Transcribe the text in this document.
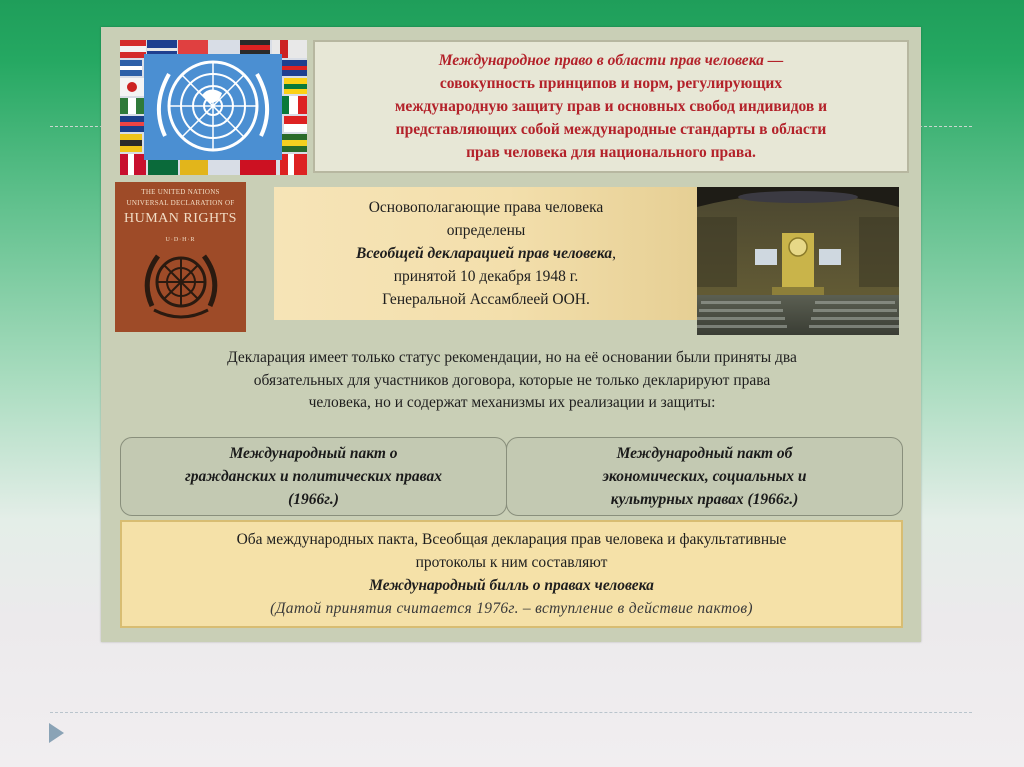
Международное право в области прав человека —
совокупность принципов и норм, регулирующих
международную защиту прав и основных свобод индивидов и
представляющих собой международные стандарты в области
прав человека для национального права.
THE UNITED NATIONS
UNIVERSAL DECLARATION OF
HUMAN RIGHTS
U·D·H·R
Основополагающие права человека
определены
Всеобщей декларацией прав человека,
принятой 10 декабря 1948 г.
Генеральной Ассамблеей ООН.
Декларация имеет только статус рекомендации, но на её основании были приняты два
обязательных для участников договора, которые не только декларируют права
человека, но и содержат механизмы их реализации и защиты:
Международный пакт о
гражданских и политических правах
(1966г.)
Международный пакт об
экономических, социальных и
культурных правах (1966г.)
Оба международных пакта, Всеобщая декларация прав человека и факультативные
протоколы к ним составляют
Международный билль о правах человека
(Датой принятия считается 1976г. – вступление в действие пактов)
